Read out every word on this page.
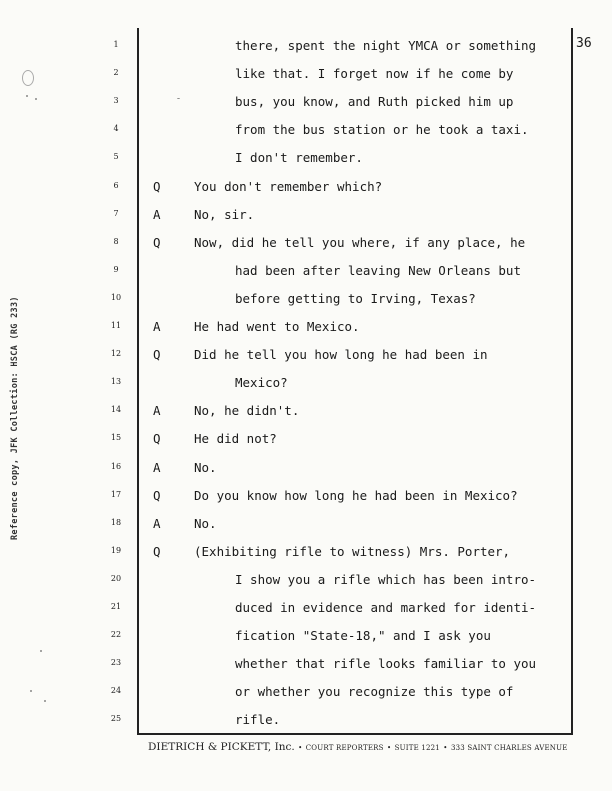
Reference copy, JFK Collection: HSCA (RG 233)
36
1	there, spent the night YMCA or something
2	like that. I forget now if he come by
3	bus, you know, and Ruth picked him up
4	from the bus station or he took a taxi.
5	I don't remember.
6	Q	You don't remember which?
7	A	No, sir.
8	Q	Now, did he tell you where, if any place, he
9	had been after leaving New Orleans but
10	before getting to Irving, Texas?
11	A	He had went to Mexico.
12	Q	Did he tell you how long he had been in
13	Mexico?
14	A	No, he didn't.
15	Q	He did not?
16	A	No.
17	Q	Do you know how long he had been in Mexico?
18	A	No.
19	Q	(Exhibiting rifle to witness) Mrs. Porter,
20	I show you a rifle which has been intro-
21	duced in evidence and marked for identi-
22	fication "State-18," and I ask you
23	whether that rifle looks familiar to you
24	or whether you recognize this type of
25	rifle.
DIETRICH & PICKETT, Inc. • COURT REPORTERS • SUITE 1221 • 333 SAINT CHARLES AVENUE
